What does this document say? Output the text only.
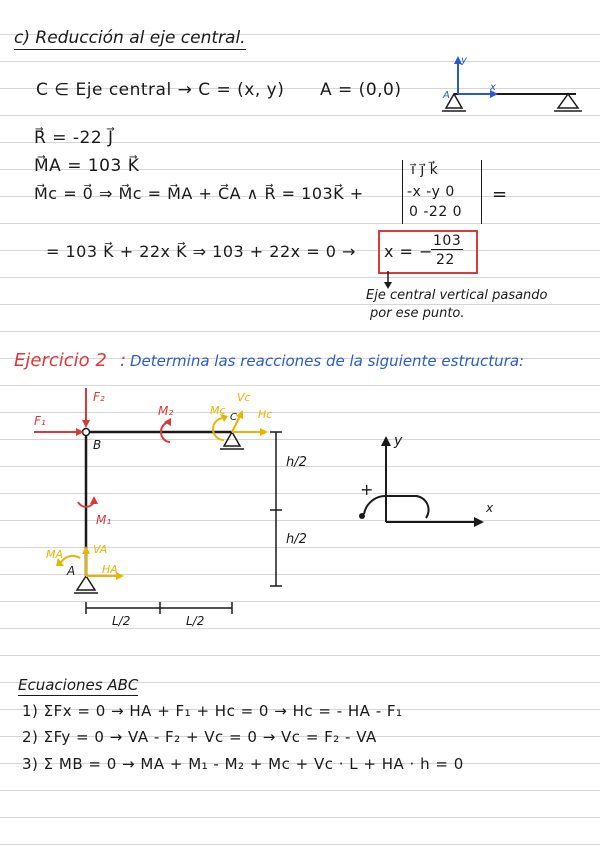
c) Reducción al eje central.
C ∈ Eje central → C = (x, y) A = (0,0)	A
y
x
R⃗ = -22 J⃗
M⃗A = 103 K⃗
M⃗c = 0⃗ ⇒ M⃗c = M⃗A + C⃗A ∧ R⃗ = 103K⃗ +
i⃗ j⃗ k⃗
-x -y 0
0 -22 0
=
= 103 K⃗ + 22x K⃗ ⇒ 103 + 22x = 0 → x = −
103
22
Eje central vertical pasando
por ese punto.
Ejercicio 2 : Determina las reacciones de la siguiente estructura:
F₁
F₂
M₂	Mc
Vc
Hc
C
B
M₁
MA	VA
HA
A
h/2
h/2
L/2	L/2
y
x
+
Ecuaciones ABC
1) ΣFx = 0 → HA + F₁ + Hc = 0 → Hc = - HA - F₁
2) ΣFy = 0 → VA - F₂ + Vc = 0 → Vc = F₂ - VA
3) Σ MB = 0 → MA + M₁ - M₂ + Mc + Vc · L + HA · h = 0
